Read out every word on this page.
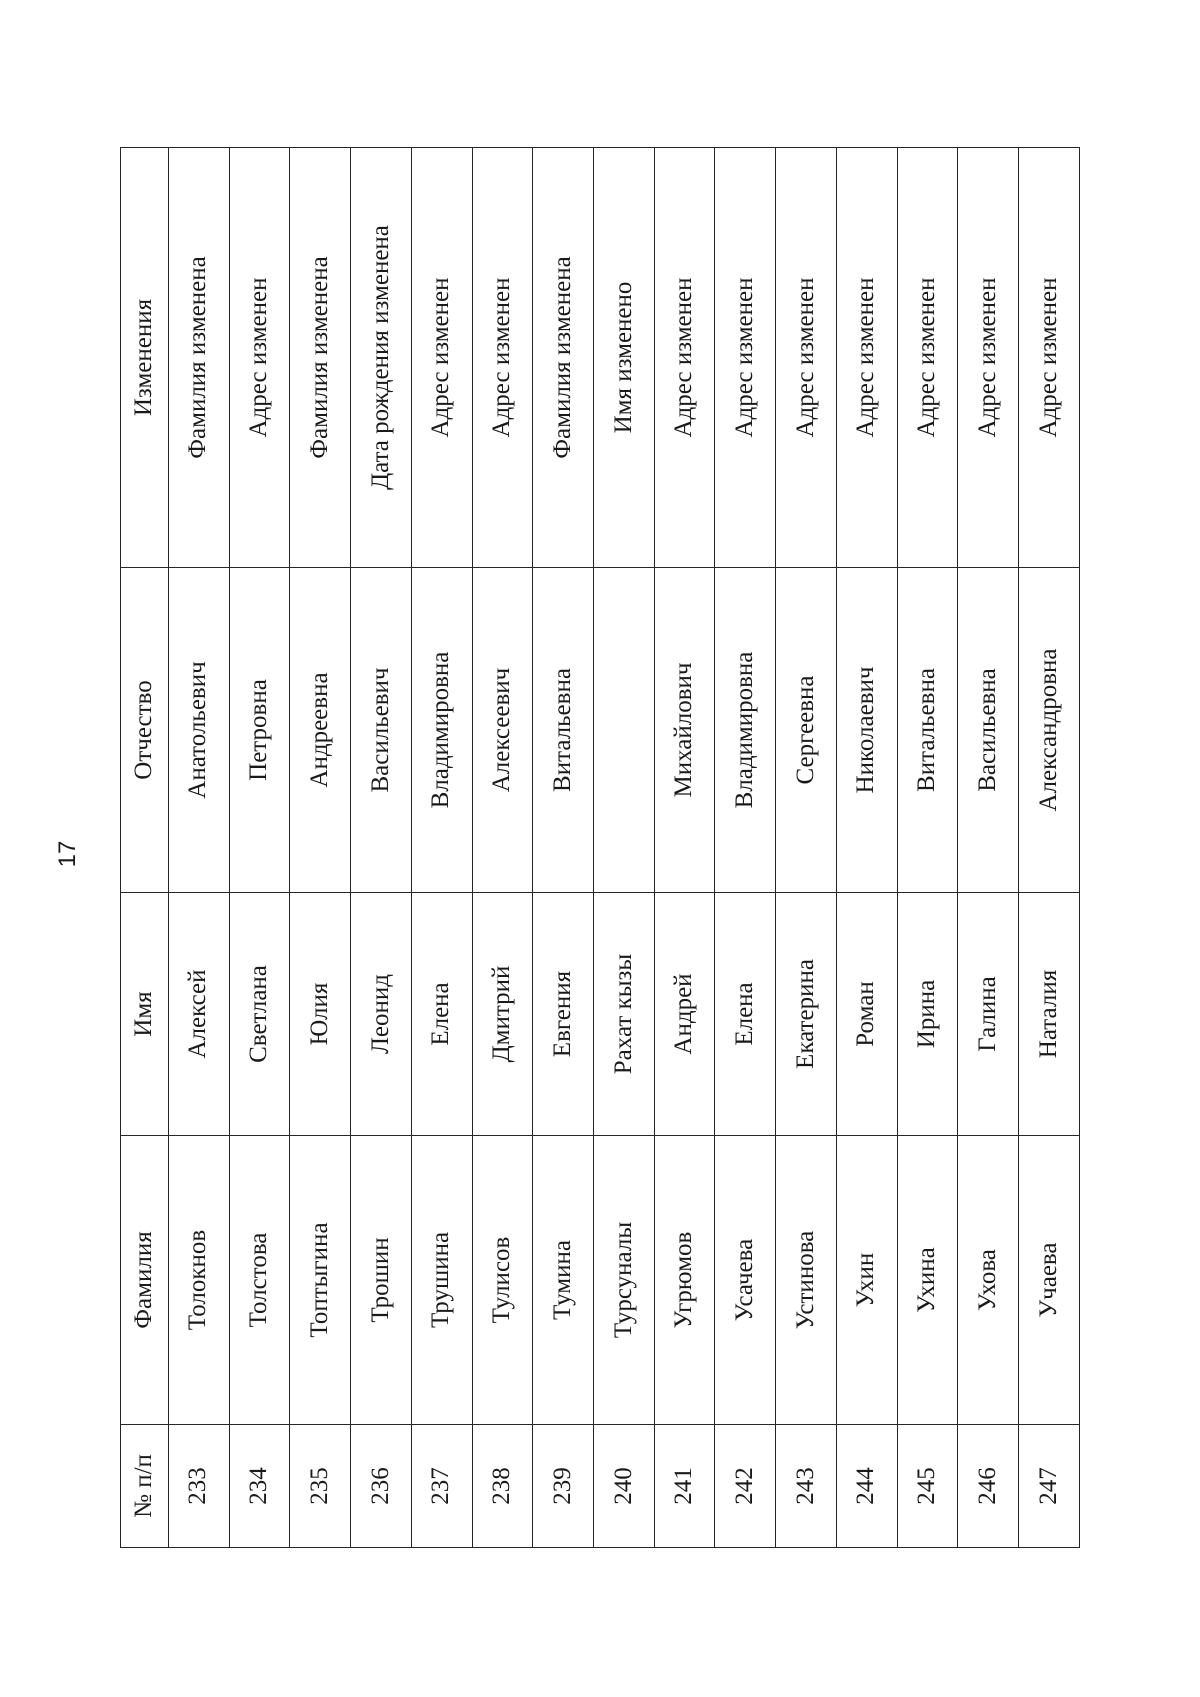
17
№ п/п	Фамилия	Имя	Отчество	Изменения
233	Толокнов	Алексей	Анатольевич	Фамилия изменена
234	Толстова	Светлана	Петровна	Адрес изменен
235	Топтыгина	Юлия	Андреевна	Фамилия изменена
236	Трошин	Леонид	Васильевич	Дата рождения изменена
237	Трушина	Елена	Владимировна	Адрес изменен
238	Тулисов	Дмитрий	Алексеевич	Адрес изменен
239	Тумина	Евгения	Витальевна	Фамилия изменена
240	Турсуналы	Рахат кызы		Имя изменено
241	Угрюмов	Андрей	Михайлович	Адрес изменен
242	Усачева	Елена	Владимировна	Адрес изменен
243	Устинова	Екатерина	Сергеевна	Адрес изменен
244	Ухин	Роман	Николаевич	Адрес изменен
245	Ухина	Ирина	Витальевна	Адрес изменен
246	Ухова	Галина	Васильевна	Адрес изменен
247	Учаева	Наталия	Александровна	Адрес изменен
